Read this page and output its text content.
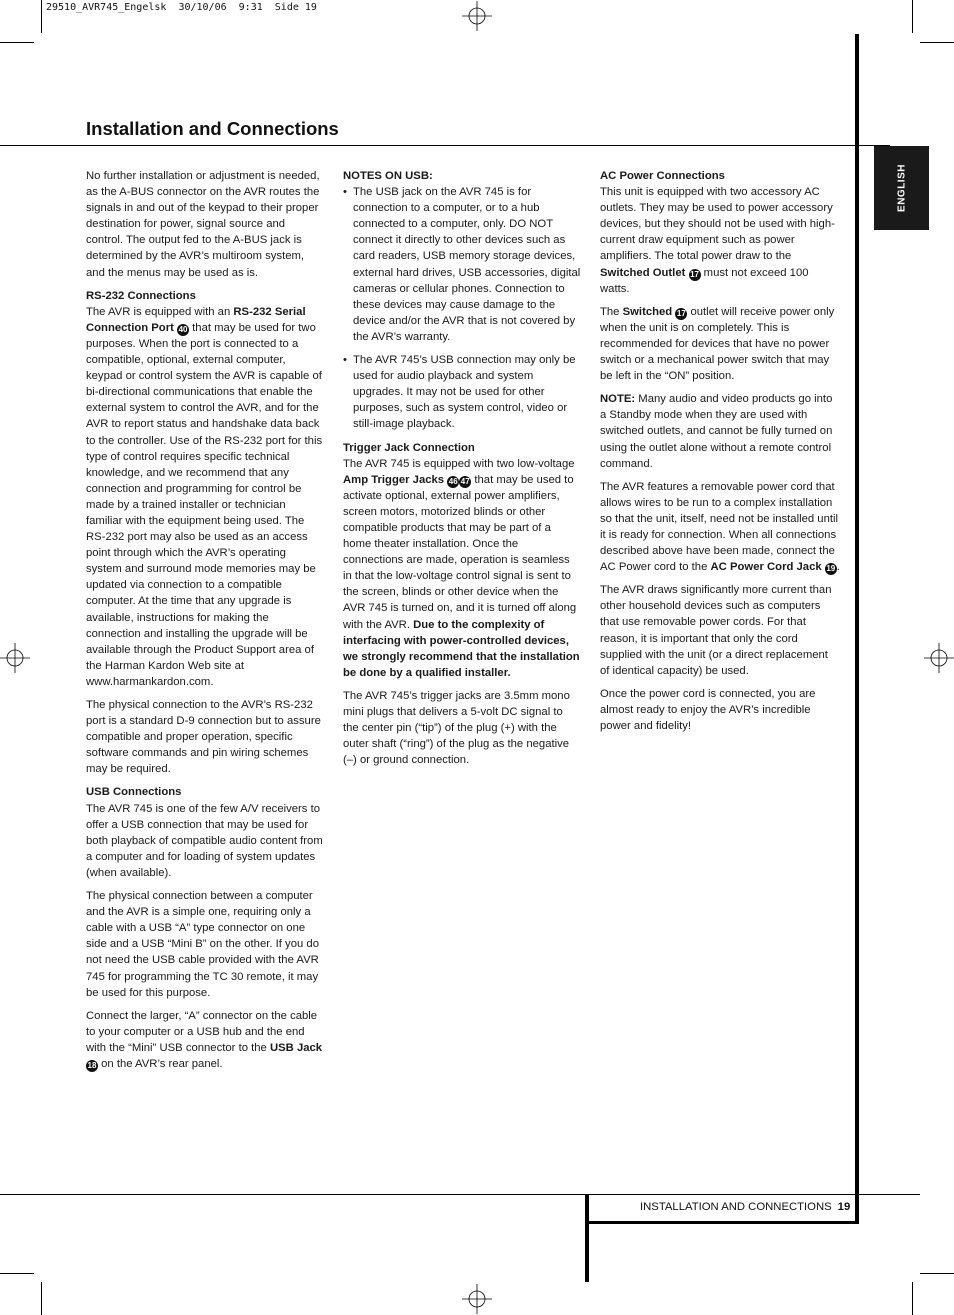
29510_AVR745_Engelsk  30/10/06  9:31  Side 19
Installation and Connections
ENGLISH

No further installation or adjustment is needed, as the A-BUS connector on the AVR routes the signals in and out of the keypad to their proper destination for power, signal source and control. The output fed to the A-BUS jack is determined by the AVR’s multiroom system, and the menus may be used as is.

RS-232 Connections

The AVR is equipped with an RS-232 Serial Connection Port 40 that may be used for two purposes. When the port is connected to a compatible, optional, external computer, keypad or control system the AVR is capable of bi-directional communications that enable the external system to control the AVR, and for the AVR to report status and handshake data back to the controller. Use of the RS-232 port for this type of control requires specific technical knowledge, and we recommend that any connection and programming for control be made by a trained installer or technician familiar with the equipment being used. The RS-232 port may also be used as an access point through which the AVR’s operating system and surround mode memories may be updated via connection to a compatible computer. At the time that any upgrade is available, instructions for making the connection and installing the upgrade will be available through the Product Support area of the Harman Kardon Web site at www.harmankardon.com.

The physical connection to the AVR’s RS-232 port is a standard D-9 connection but to assure compatible and proper operation, specific software commands and pin wiring schemes may be required.

USB Connections

The AVR 745 is one of the few A/V receivers to offer a USB connection that may be used for both playback of compatible audio content from a computer and for loading of system updates (when available).

The physical connection between a computer and the AVR is a simple one, requiring only a cable with a USB “A” type connector on one side and a USB “Mini B” on the other. If you do not need the USB cable provided with the AVR 745 for programming the TC 30 remote, it may be used for this purpose.

Connect the larger, “A” connector on the cable to your computer or a USB hub and the end with the “Mini” USB connector to the USB Jack 18 on the AVR’s rear panel.

NOTES ON USB:

• The USB jack on the AVR 745 is for connection to a computer, or to a hub connected to a computer, only. DO NOT connect it directly to other devices such as card readers, USB memory storage devices, external hard drives, USB accessories, digital cameras or cellular phones. Connection to these devices may cause damage to the device and/or the AVR that is not covered by the AVR’s warranty.

• The AVR 745’s USB connection may only be used for audio playback and system upgrades. It may not be used for other purposes, such as system control, video or still-image playback.

Trigger Jack Connection

The AVR 745 is equipped with two low-voltage Amp Trigger Jacks 46 47 that may be used to activate optional, external power amplifiers, screen motors, motorized blinds or other compatible products that may be part of a home theater installation. Once the connections are made, operation is seamless in that the low-voltage control signal is sent to the screen, blinds or other device when the AVR 745 is turned on, and it is turned off along with the AVR. Due to the complexity of interfacing with power-controlled devices, we strongly recommend that the installation be done by a qualified installer.

The AVR 745’s trigger jacks are 3.5mm mono mini plugs that delivers a 5-volt DC signal to the center pin (“tip”) of the plug (+) with the outer shaft (“ring”) of the plug as the negative (–) or ground connection.

AC Power Connections

This unit is equipped with two accessory AC outlets. They may be used to power accessory devices, but they should not be used with high-current draw equipment such as power amplifiers. The total power draw to the Switched Outlet 17 must not exceed 100 watts.

The Switched 17 outlet will receive power only when the unit is on completely. This is recommended for devices that have no power switch or a mechanical power switch that may be left in the “ON” position.

NOTE: Many audio and video products go into a Standby mode when they are used with switched outlets, and cannot be fully turned on using the outlet alone without a remote control command.

The AVR features a removable power cord that allows wires to be run to a complex installation so that the unit, itself, need not be installed until it is ready for connection. When all connections described above have been made, connect the AC Power cord to the AC Power Cord Jack 19 .

The AVR draws significantly more current than other household devices such as computers that use removable power cords. For that reason, it is important that only the cord supplied with the unit (or a direct replacement of identical capacity) be used.

Once the power cord is connected, you are almost ready to enjoy the AVR’s incredible power and fidelity!

INSTALLATION AND CONNECTIONS 19
